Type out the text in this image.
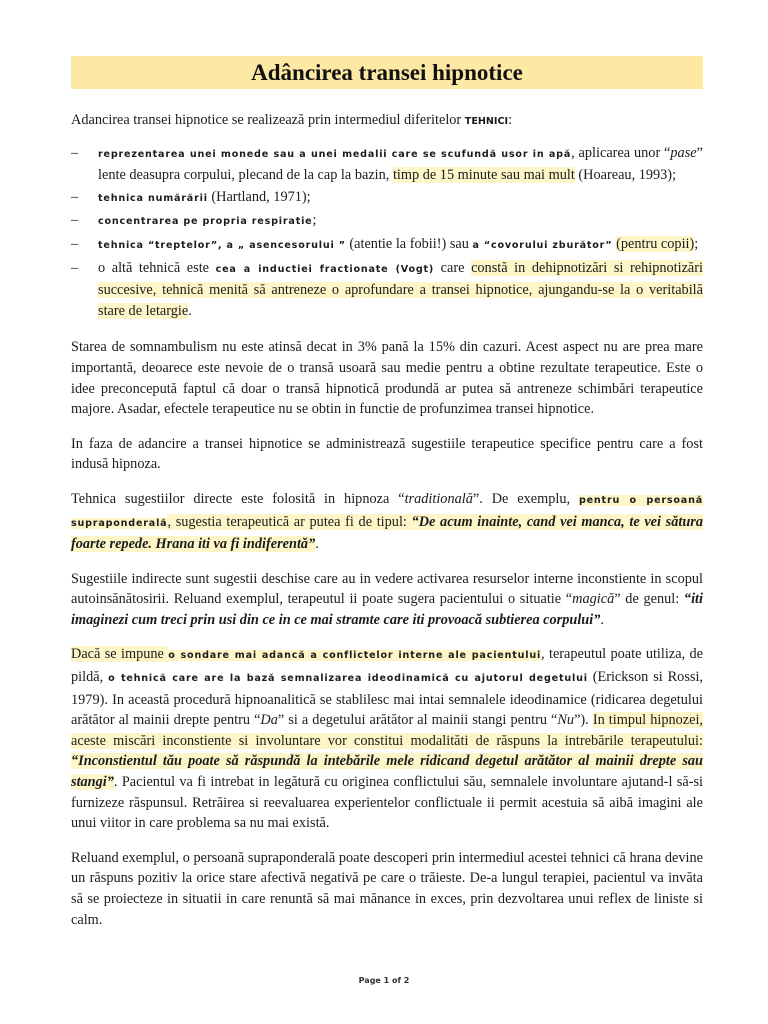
Adâncirea transei hipnotice

Adancirea transei hipnotice se realizează prin intermediul diferitelor TEHNICI:

– reprezentarea unei monede sau a unei medalii care se scufundă usor in apă, aplicarea unor “pase” lente deasupra corpului, plecand de la cap la bazin, timp de 15 minute sau mai mult (Hoareau, 1993);
– tehnica numărării (Hartland, 1971);
– concentrarea pe propria respiratie;
– tehnica “treptelor”, a „ asencesorului ” (atentie la fobii!) sau a “covorului zburător” (pentru copii);
– o altă tehnică este cea a inductiei fractionate (Vogt) care constă in dehipnotizări si rehipnotizări succesive, tehnică menită să antreneze o aprofundare a transei hipnotice, ajungandu-se la o veritabilă stare de letargie.

Starea de somnambulism nu este atinsă decat in 3% pană la 15% din cazuri. Acest aspect nu are prea mare importantă, deoarece este nevoie de o transă usoară sau medie pentru a obtine rezultate terapeutice. Este o idee preconcepută faptul că doar o transă hipnotică produndă ar putea să antreneze schimbări terapeutice majore. Asadar, efectele terapeutice nu se obtin in functie de profunzimea transei hipnotice.

In faza de adancire a transei hipnotice se administrează sugestiile terapeutice specifice pentru care a fost indusă hipnoza.

Tehnica sugestiilor directe este folosită in hipnoza “traditională”. De exemplu, pentru o persoană supraponderală, sugestia terapeutică ar putea fi de tipul: “De acum inainte, cand vei manca, te vei sătura foarte repede. Hrana iti va fi indiferentă”.

Sugestiile indirecte sunt sugestii deschise care au in vedere activarea resurselor interne inconstiente in scopul autoinsănătosirii. Reluand exemplul, terapeutul ii poate sugera pacientului o situatie “magică” de genul: “iti imaginezi cum treci prin usi din ce in ce mai stramte care iti provoacă subtierea corpului”.

Dacă se impune o sondare mai adancă a conflictelor interne ale pacientului, terapeutul poate utiliza, de pildă, o tehnică care are la bază semnalizarea ideodinamică cu ajutorul degetului (Erickson si Rossi, 1979). In această procedură hipnoanalitică se stablilesc mai intai semnalele ideodinamice (ridicarea degetului arătător al mainii drepte pentru “Da” si a degetului arătător al mainii stangi pentru “Nu”). In timpul hipnozei, aceste miscări inconstiente si involuntare vor constitui modalităti de răspuns la intrebările terapeutului: “Inconstientul tău poate să răspundă la intebările mele ridicand degetul arătător al mainii drepte sau stangi”. Pacientul va fi intrebat in legătură cu originea conflictului său, semnalele involuntare ajutand-l să-si furnizeze răspunsul. Retrăirea si reevaluarea experientelor conflictuale ii permit acestuia să aibă imagini ale unui viitor in care problema sa nu mai există.

Reluand exemplul, o persoană supraponderală poate descoperi prin intermediul acestei tehnici că hrana devine un răspuns pozitiv la orice stare afectivă negativă pe care o trăieste. De-a lungul terapiei, pacientul va invăta să se proiecteze in situatii in care renuntă să mai mănance in exces, prin dezvoltarea unui reflex de liniste si calm.

Page 1 of 2
